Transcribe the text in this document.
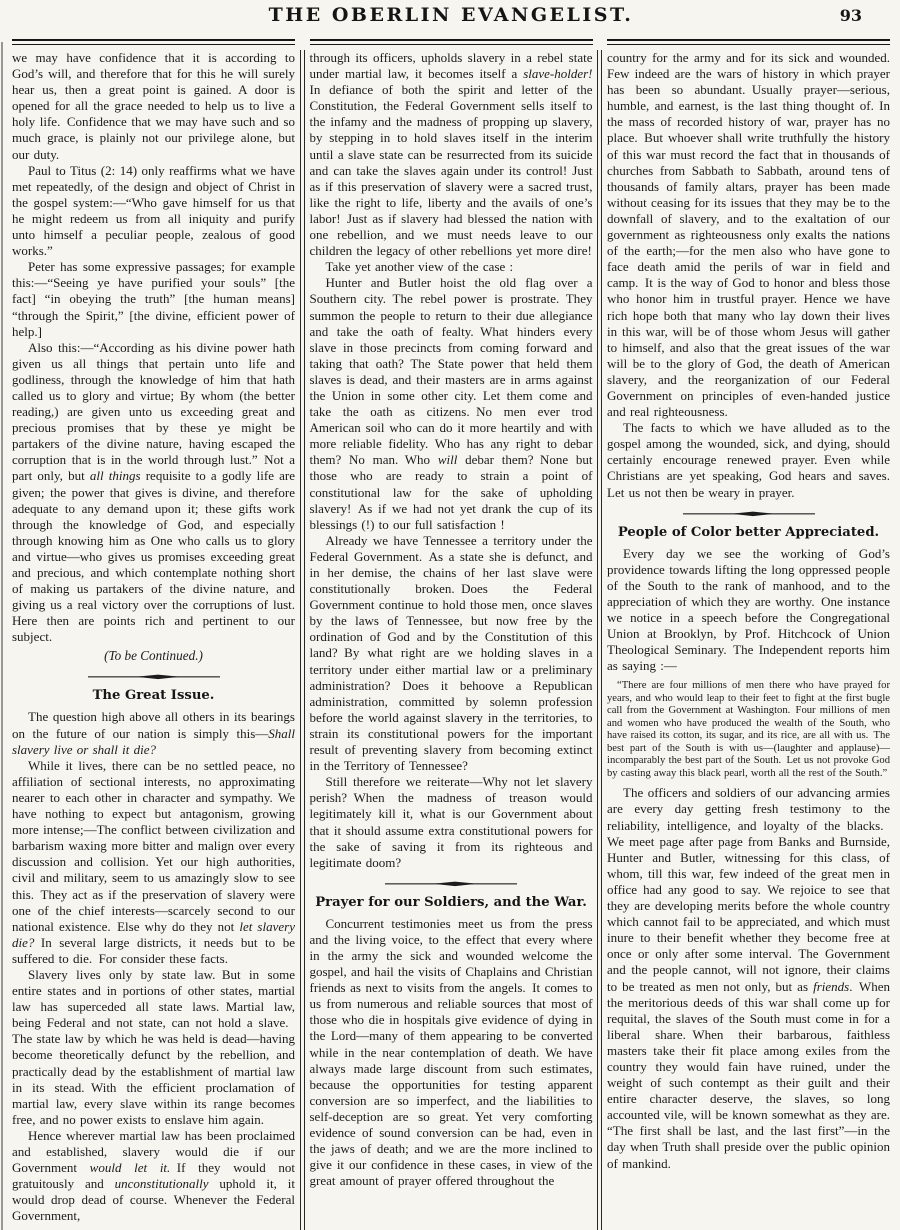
THE OBERLIN EVANGELIST.	93

we may have confidence that it is according to God’s will, and therefore that for this he will surely hear us, then a great point is gained. A door is opened for all the grace needed to help us to live a holy life. Confidence that we may have such and so much grace, is plainly not our privilege alone, but our duty.

Paul to Titus (2: 14) only reaffirms what we have met repeatedly, of the design and object of Christ in the gospel system:—“Who gave himself for us that he might redeem us from all iniquity and purify unto himself a peculiar people, zealous of good works.”

Peter has some expressive passages; for example this:—“Seeing ye have purified your souls” [the fact] “in obeying the truth” [the human means] “through the Spirit,” [the divine, efficient power of help.]

Also this:—“According as his divine power hath given us all things that pertain unto life and godliness, through the knowledge of him that hath called us to glory and virtue; By whom (the better reading,) are given unto us exceeding great and precious promises that by these ye might be partakers of the divine nature, having escaped the corruption that is in the world through lust.” Not a part only, but all things requisite to a godly life are given; the power that gives is divine, and therefore adequate to any demand upon it; these gifts work through the knowledge of God, and especially through knowing him as One who calls us to glory and virtue—who gives us promises exceeding great and precious, and which contemplate nothing short of making us partakers of the divine nature, and giving us a real victory over the corruptions of lust. Here then are points rich and pertinent to our subject.

(To be Continued.)

The Great Issue.

The question high above all others in its bearings on the future of our nation is simply this—Shall slavery live or shall it die?

While it lives, there can be no settled peace, no affiliation of sectional interests, no approximating nearer to each other in character and sympathy. We have nothing to expect but antagonism, growing more intense;—The conflict between civilization and barbarism waxing more bitter and malign over every discussion and collision. Yet our high authorities, civil and military, seem to us amazingly slow to see this. They act as if the preservation of slavery were one of the chief interests—scarcely second to our national existence. Else why do they not let slavery die? In several large districts, it needs but to be suffered to die. For consider these facts.

Slavery lives only by state law. But in some entire states and in portions of other states, martial law has superceded all state laws. Martial law, being Federal and not state, can not hold a slave. The state law by which he was held is dead—having become theoretically defunct by the rebellion, and practically dead by the establishment of martial law in its stead. With the efficient proclamation of martial law, every slave within its range becomes free, and no power exists to enslave him again.

Hence wherever martial law has been proclaimed and established, slavery would die if our Government would let it. If they would not gratuitously and unconstitutionally uphold it, it would drop dead of course. Whenever the Federal Government,

through its officers, upholds slavery in a rebel state under martial law, it becomes itself a slave-holder! In defiance of both the spirit and letter of the Constitution, the Federal Government sells itself to the infamy and the madness of propping up slavery, by stepping in to hold slaves itself in the interim until a slave state can be resurrected from its suicide and can take the slaves again under its control! Just as if this preservation of slavery were a sacred trust, like the right to life, liberty and the avails of one’s labor! Just as if slavery had blessed the nation with one rebellion, and we must needs leave to our children the legacy of other rebellions yet more dire!

Take yet another view of the case :

Hunter and Butler hoist the old flag over a Southern city. The rebel power is prostrate. They summon the people to return to their due allegiance and take the oath of fealty. What hinders every slave in those precincts from coming forward and taking that oath? The State power that held them slaves is dead, and their masters are in arms against the Union in some other city. Let them come and take the oath as citizens. No men ever trod American soil who can do it more heartily and with more reliable fidelity. Who has any right to debar them? No man. Who will debar them? None but those who are ready to strain a point of constitutional law for the sake of upholding slavery! As if we had not yet drank the cup of its blessings (!) to our full satisfaction !

Already we have Tennessee a territory under the Federal Government. As a state she is defunct, and in her demise, the chains of her last slave were constitutionally broken. Does the Federal Government continue to hold those men, once slaves by the laws of Tennessee, but now free by the ordination of God and by the Constitution of this land? By what right are we holding slaves in a territory under either martial law or a preliminary administration? Does it behoove a Republican administration, committed by solemn profession before the world against slavery in the territories, to strain its constitutional powers for the important result of preventing slavery from becoming extinct in the Territory of Tennessee?

Still therefore we reiterate—Why not let slavery perish? When the madness of treason would legitimately kill it, what is our Government about that it should assume extra constitutional powers for the sake of saving it from its righteous and legitimate doom?

Prayer for our Soldiers, and the War.

Concurrent testimonies meet us from the press and the living voice, to the effect that every where in the army the sick and wounded welcome the gospel, and hail the visits of Chaplains and Christian friends as next to visits from the angels. It comes to us from numerous and reliable sources that most of those who die in hospitals give evidence of dying in the Lord—many of them appearing to be converted while in the near contemplation of death. We have always made large discount from such estimates, because the opportunities for testing apparent conversion are so imperfect, and the liabilities to self-deception are so great. Yet very comforting evidence of sound conversion can be had, even in the jaws of death; and we are the more inclined to give it our confidence in these cases, in view of the great amount of prayer offered throughout the

country for the army and for its sick and wounded. Few indeed are the wars of history in which prayer has been so abundant. Usually prayer—serious, humble, and earnest, is the last thing thought of. In the mass of recorded history of war, prayer has no place. But whoever shall write truthfully the history of this war must record the fact that in thousands of churches from Sabbath to Sabbath, around tens of thousands of family altars, prayer has been made without ceasing for its issues that they may be to the downfall of slavery, and to the exaltation of our government as righteousness only exalts the nations of the earth;—for the men also who have gone to face death amid the perils of war in field and camp. It is the way of God to honor and bless those who honor him in trustful prayer. Hence we have rich hope both that many who lay down their lives in this war, will be of those whom Jesus will gather to himself, and also that the great issues of the war will be to the glory of God, the death of American slavery, and the reorganization of our Federal Government on principles of even-handed justice and real righteousness.

The facts to which we have alluded as to the gospel among the wounded, sick, and dying, should certainly encourage renewed prayer. Even while Christians are yet speaking, God hears and saves. Let us not then be weary in prayer.

People of Color better Appreciated.

Every day we see the working of God’s providence towards lifting the long oppressed people of the South to the rank of manhood, and to the appreciation of which they are worthy. One instance we notice in a speech before the Congregational Union at Brooklyn, by Prof. Hitchcock of Union Theological Seminary. The Independent reports him as saying :—

“There are four millions of men there who have prayed for years, and who would leap to their feet to fight at the first bugle call from the Government at Washington. Four millions of men and women who have produced the wealth of the South, who have raised its cotton, its sugar, and its rice, are all with us. The best part of the South is with us—(laughter and applause)—incomparably the best part of the South. Let us not provoke God by casting away this black pearl, worth all the rest of the South.”

The officers and soldiers of our advancing armies are every day getting fresh testimony to the reliability, intelligence, and loyalty of the blacks. We meet page after page from Banks and Burnside, Hunter and Butler, witnessing for this class, of whom, till this war, few indeed of the great men in office had any good to say. We rejoice to see that they are developing merits before the whole country which cannot fail to be appreciated, and which must inure to their benefit whether they become free at once or only after some interval. The Government and the people cannot, will not ignore, their claims to be treated as men not only, but as friends. When the meritorious deeds of this war shall come up for requital, the slaves of the South must come in for a liberal share. When their barbarous, faithless masters take their fit place among exiles from the country they would fain have ruined, under the weight of such contempt as their guilt and their entire character deserve, the slaves, so long accounted vile, will be known somewhat as they are. “The first shall be last, and the last first”—in the day when Truth shall preside over the public opinion of mankind.
